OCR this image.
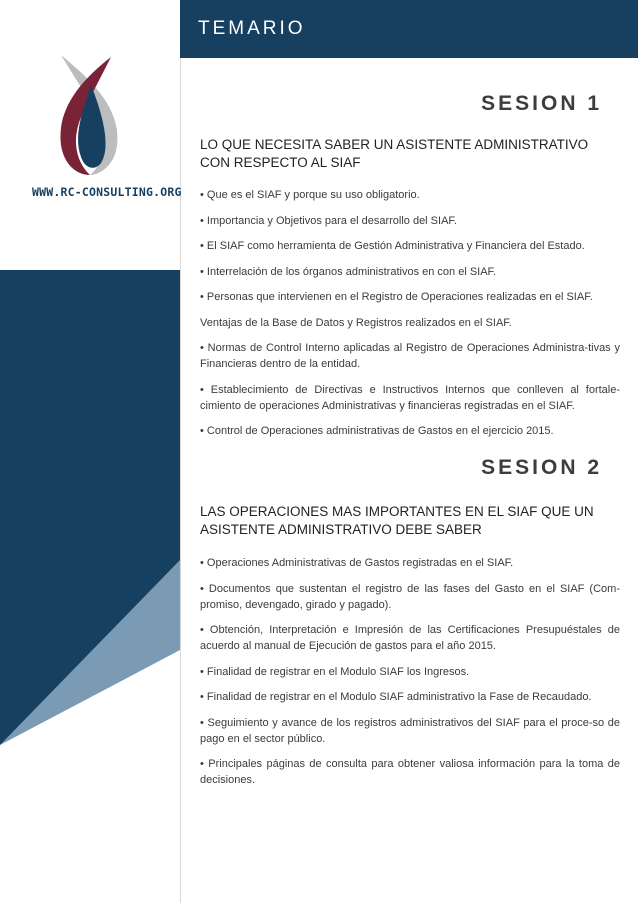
TEMARIO
WWW.RC-CONSULTING.ORG
SESION 1
LO QUE NECESITA SABER UN ASISTENTE ADMINISTRATIVO CON RESPECTO AL SIAF
• Que es el SIAF y porque su uso obligatorio.
• Importancia y Objetivos para el desarrollo del SIAF.
• El SIAF como herramienta de Gestión Administrativa y Financiera del Estado.
• Interrelación de los órganos administrativos en con el SIAF.
• Personas que intervienen en el Registro de Operaciones realizadas en el SIAF.
Ventajas de la Base de Datos y Registros realizados en el SIAF.
• Normas de Control Interno aplicadas al Registro de Operaciones Administra-tivas y Financieras dentro de la entidad.
• Establecimiento de Directivas e Instructivos Internos que conlleven al fortale-cimiento de operaciones Administrativas y financieras registradas en el SIAF.
• Control de Operaciones administrativas de Gastos en el ejercicio 2015.
SESION 2
LAS OPERACIONES MAS IMPORTANTES EN EL SIAF QUE UN ASISTENTE ADMINISTRATIVO DEBE SABER
• Operaciones Administrativas de Gastos registradas en el SIAF.
• Documentos que sustentan el registro de las fases del Gasto en el SIAF (Com-promiso, devengado, girado y pagado).
• Obtención, Interpretación e Impresión de las Certificaciones Presupuéstales de acuerdo al manual de Ejecución de gastos para el año 2015.
• Finalidad de registrar en el Modulo SIAF los Ingresos.
• Finalidad de registrar en el Modulo SIAF administrativo la Fase de Recaudado.
• Seguimiento y avance de los registros administrativos del SIAF para el proce-so de pago en el sector público.
• Principales páginas de consulta para obtener valiosa información para la toma de decisiones.
